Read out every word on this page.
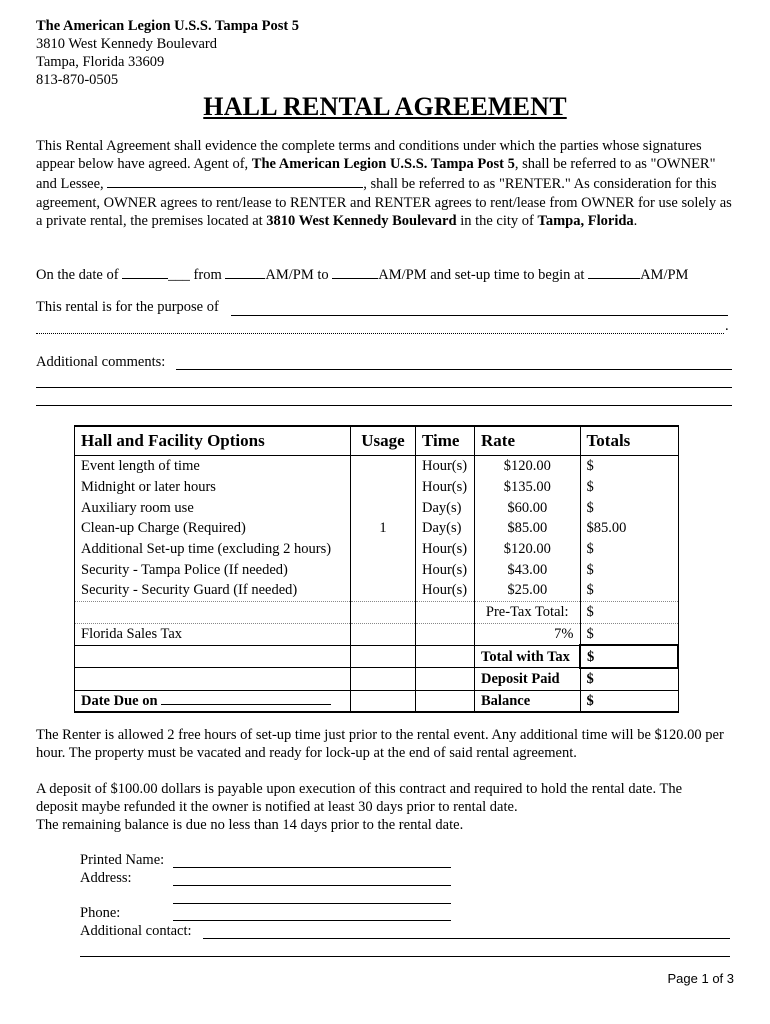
The American Legion U.S.S. Tampa Post 5
3810 West Kennedy Boulevard
Tampa, Florida 33609
813-870-0505
HALL RENTAL AGREEMENT
This Rental Agreement shall evidence the complete terms and conditions under which the parties whose signatures appear below have agreed. Agent of, The American Legion U.S.S. Tampa Post 5, shall be referred to as "OWNER" and Lessee,	, shall be referred to as "RENTER." As consideration for this agreement, OWNER agrees to rent/lease to RENTER and RENTER agrees to rent/lease from OWNER for use solely as a private rental, the premises located at 3810 West Kennedy Boulevard in the city of Tampa, Florida.
On the date of	___ from	AM/PM to	AM/PM and set-up time to begin at	AM/PM
This rental is for the purpose of
.
Additional comments:
Hall and Facility Options	Usage	Time	Rate	Totals
Event length of time		Hour(s)	$120.00	$
Midnight or later hours		Hour(s)	$135.00	$
Auxiliary room use		Day(s)	$60.00	$
Clean-up Charge (Required)	1	Day(s)	$85.00	$85.00
Additional Set-up time (excluding 2 hours)		Hour(s)	$120.00	$
Security - Tampa Police (If needed)		Hour(s)	$43.00	$
Security - Security Guard (If needed)		Hour(s)	$25.00	$
			Pre-Tax Total:	$
Florida Sales Tax			7%	$
			Total with Tax	$
			Deposit Paid	$
Date Due on			Balance	$
The Renter is allowed 2 free hours of set-up time just prior to the rental event. Any additional time will be $120.00 per hour. The property must be vacated and ready for lock-up at the end of said rental agreement.
A deposit of $100.00 dollars is payable upon execution of this contract and required to hold the rental date. The deposit maybe refunded it the owner is notified at least 30 days prior to rental date.
The remaining balance is due no less than 14 days prior to the rental date.
Printed Name:
Address:
Phone:
Additional contact:
Page 1 of 3
